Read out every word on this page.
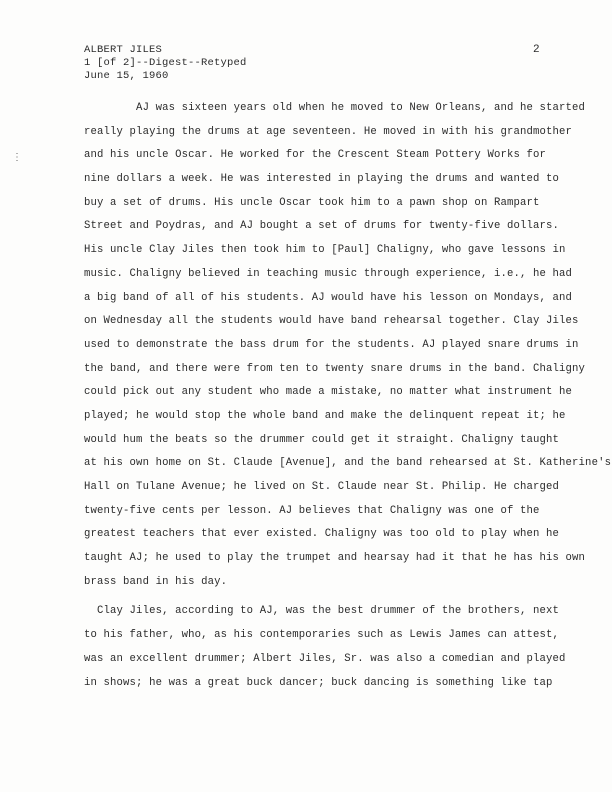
ALBERT JILES
1 [of 2]--Digest--Retyped
June 15, 1960
2
⋮
AJ was sixteen years old when he moved to New Orleans, and he started
really playing the drums at age seventeen. He moved in with his grandmother
and his uncle Oscar. He worked for the Crescent Steam Pottery Works for
nine dollars a week. He was interested in playing the drums and wanted to
buy a set of drums. His uncle Oscar took him to a pawn shop on Rampart
Street and Poydras, and AJ bought a set of drums for twenty-five dollars.
His uncle Clay Jiles then took him to [Paul] Chaligny, who gave lessons in
music. Chaligny believed in teaching music through experience, i.e., he had
a big band of all of his students. AJ would have his lesson on Mondays, and
on Wednesday all the students would have band rehearsal together. Clay Jiles
used to demonstrate the bass drum for the students. AJ played snare drums in
the band, and there were from ten to twenty snare drums in the band. Chaligny
could pick out any student who made a mistake, no matter what instrument he
played; he would stop the whole band and make the delinquent repeat it; he
would hum the beats so the drummer could get it straight. Chaligny taught
at his own home on St. Claude [Avenue], and the band rehearsed at St. Katherine's
Hall on Tulane Avenue; he lived on St. Claude near St. Philip. He charged
twenty-five cents per lesson. AJ believes that Chaligny was one of the
greatest teachers that ever existed. Chaligny was too old to play when he
taught AJ; he used to play the trumpet and hearsay had it that he has his own
brass band in his day.
Clay Jiles, according to AJ, was the best drummer of the brothers, next
to his father, who, as his contemporaries such as Lewis James can attest,
was an excellent drummer; Albert Jiles, Sr. was also a comedian and played
in shows; he was a great buck dancer; buck dancing is something like tap
